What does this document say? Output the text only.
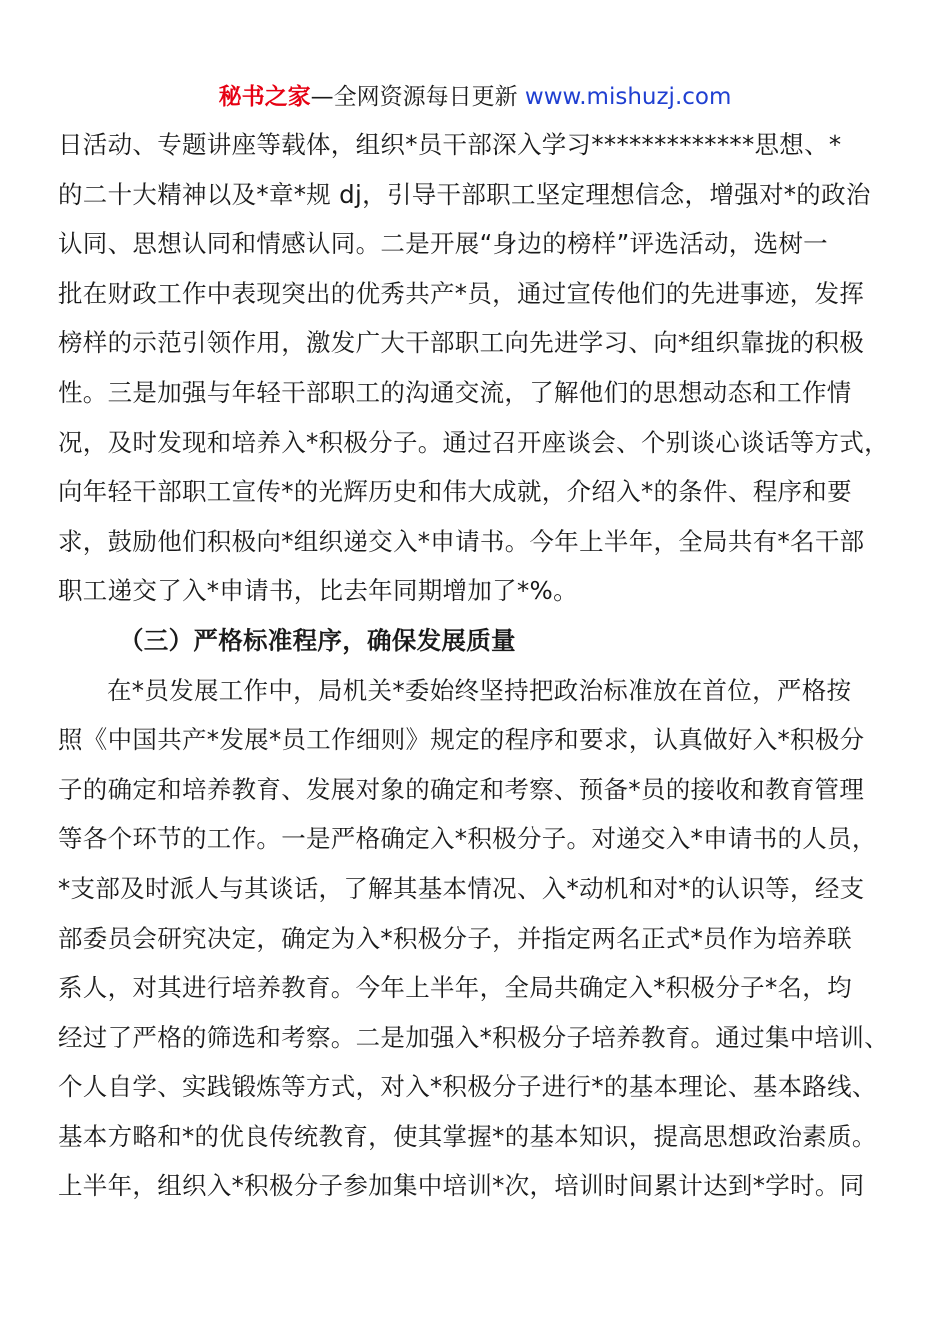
秘书之家—全网资源每日更新 www.mishuzj.com
日活动、专题讲座等载体，组织*员干部深入学习*************思想、*
的二十大精神以及*章*规 dj，引导干部职工坚定理想信念，增强对*的政治
认同、思想认同和情感认同。二是开展“身边的榜样”评选活动，选树一
批在财政工作中表现突出的优秀共产*员，通过宣传他们的先进事迹，发挥
榜样的示范引领作用，激发广大干部职工向先进学习、向*组织靠拢的积极
性。三是加强与年轻干部职工的沟通交流，了解他们的思想动态和工作情
况，及时发现和培养入*积极分子。通过召开座谈会、个别谈心谈话等方式，
向年轻干部职工宣传*的光辉历史和伟大成就，介绍入*的条件、程序和要
求，鼓励他们积极向*组织递交入*申请书。今年上半年，全局共有*名干部
职工递交了入*申请书，比去年同期增加了*%。
（三）严格标准程序，确保发展质量
在*员发展工作中，局机关*委始终坚持把政治标准放在首位，严格按
照《中国共产*发展*员工作细则》规定的程序和要求，认真做好入*积极分
子的确定和培养教育、发展对象的确定和考察、预备*员的接收和教育管理
等各个环节的工作。一是严格确定入*积极分子。对递交入*申请书的人员，
*支部及时派人与其谈话，了解其基本情况、入*动机和对*的认识等，经支
部委员会研究决定，确定为入*积极分子，并指定两名正式*员作为培养联
系人，对其进行培养教育。今年上半年，全局共确定入*积极分子*名，均
经过了严格的筛选和考察。二是加强入*积极分子培养教育。通过集中培训、
个人自学、实践锻炼等方式，对入*积极分子进行*的基本理论、基本路线、
基本方略和*的优良传统教育，使其掌握*的基本知识，提高思想政治素质。
上半年，组织入*积极分子参加集中培训*次，培训时间累计达到*学时。同
